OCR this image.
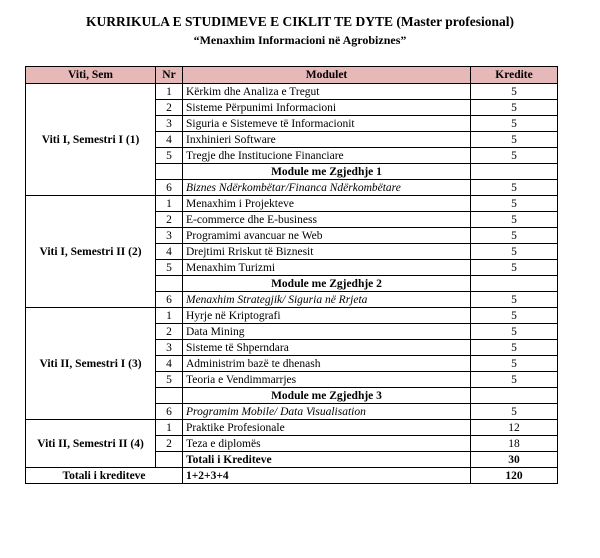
KURRIKULA E STUDIMEVE E CIKLIT TE DYTE (Master profesional)
“Menaxhim Informacioni në Agrobiznes”
Viti, Sem	Nr	Modulet	Kredite
Viti I, Semestri I (1)	1	Kërkim dhe Analiza e Tregut	5
	2	Sisteme Përpunimi Informacioni	5
	3	Siguria e Sistemeve të Informacionit	5
	4	Inxhinieri Software	5
	5	Tregje dhe Institucione Financiare	5
		Module me Zgjedhje 1	
	6	Biznes Ndërkombëtar/Financa Ndërkombëtare	5
Viti I, Semestri II (2)	1	Menaxhim i Projekteve	5
	2	E-commerce dhe E-business	5
	3	Programimi avancuar ne Web	5
	4	Drejtimi Rriskut të Biznesit	5
	5	Menaxhim Turizmi	5
		Module me Zgjedhje 2	
	6	Menaxhim Strategjik/ Siguria në Rrjeta	5
Viti II, Semestri I (3)	1	Hyrje në Kriptografi	5
	2	Data Mining	5
	3	Sisteme të Shperndara	5
	4	Administrim bazë te dhenash	5
	5	Teoria e Vendimmarrjes	5
		Module me Zgjedhje 3	
	6	Programim Mobile/ Data Visualisation	5
Viti II, Semestri II (4)	1	Praktike Profesionale	12
	2	Teza e diplomës	18
		Totali i Krediteve	30
Totali i krediteve		1+2+3+4	120
